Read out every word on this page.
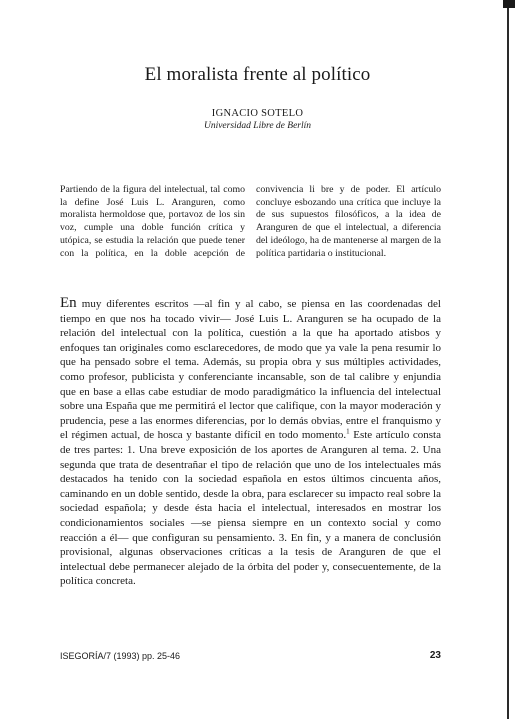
El moralista frente al político
IGNACIO SOTELO
Universidad Libre de Berlín

Partiendo de la figura del intelectual, tal como la define José Luis L. Aranguren, como moralista hermoldose que, portavoz de los sin voz, cumple una doble función crítica y utópica, se estudia la relación que puede tener con la política, en la doble acepción de convivencia li bre y de poder. El artículo concluye esbozando una crítica que incluye la de sus supuestos filosóficos, a la idea de Aranguren de que el intelectual, a diferencia del ideólogo, ha de mantenerse al margen de la política partidaria o institucional.

En muy diferentes escritos —al fin y al cabo, se piensa en las coordenadas del tiempo en que nos ha tocado vivir— José Luis L. Aranguren se ha ocupado de la relación del intelectual con la política, cuestión a la que ha aportado atisbos y enfoques tan originales como esclarecedores, de modo que ya vale la pena resumir lo que ha pensado sobre el tema. Además, su propia obra y sus múltiples actividades, como profesor, publicista y conferenciante incansable, son de tal calibre y enjundia que en base a ellas cabe estudiar de modo paradigmático la influencia del intelectual sobre una España que me permitirá el lector que califique, con la mayor moderación y prudencia, pese a las enormes diferencias, por lo demás obvias, entre el franquismo y el régimen actual, de hosca y bastante difícil en todo momento.$^1$ Este artículo consta de tres partes: 1. Una breve exposición de los aportes de Aranguren al tema. 2. Una segunda que trata de desentrañar el tipo de relación que uno de los intelectuales más destacados ha tenido con la sociedad española en estos últimos cincuenta años, caminando en un doble sentido, desde la obra, para esclarecer su impacto real sobre la sociedad española; y desde ésta hacia el intelectual, interesados en mostrar los condicionamientos sociales —se piensa siempre en un contexto social y como reacción a él— que configuran su pensamiento. 3. En fin, y a manera de conclusión provisional, algunas observaciones críticas a la tesis de Aranguren de que el intelectual debe permanecer alejado de la órbita del poder y, consecuentemente, de la política concreta.

ISEGORÍA/7 (1993) pp. 25-46	23
